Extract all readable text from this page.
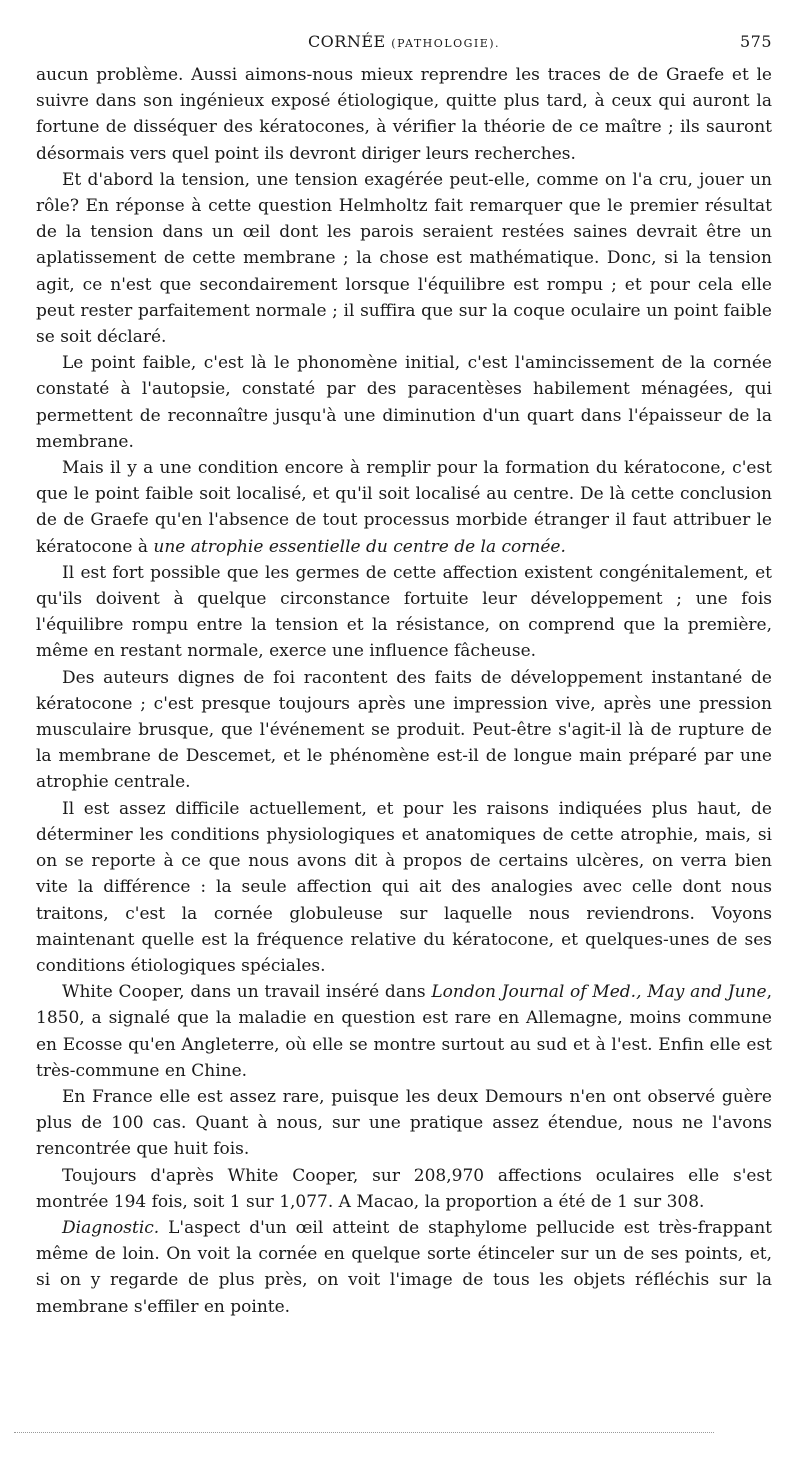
CORNÉE (PATHOLOGIE).	575

aucun problème. Aussi aimons-nous mieux reprendre les traces de de Graefe et le suivre dans son ingénieux exposé étiologique, quitte plus tard, à ceux qui auront la fortune de disséquer des kératocones, à vérifier la théorie de ce maître ; ils sauront désormais vers quel point ils devront diriger leurs recherches.

Et d'abord la tension, une tension exagérée peut-elle, comme on l'a cru, jouer un rôle? En réponse à cette question Helmholtz fait remarquer que le premier résultat de la tension dans un œil dont les parois seraient restées saines devrait être un aplatissement de cette membrane ; la chose est mathématique. Donc, si la tension agit, ce n'est que secondairement lorsque l'équilibre est rompu ; et pour cela elle peut rester parfaitement normale ; il suffira que sur la coque oculaire un point faible se soit déclaré.

Le point faible, c'est là le phonomène initial, c'est l'amincissement de la cornée constaté à l'autopsie, constaté par des paracentèses habilement ménagées, qui permettent de reconnaître jusqu'à une diminution d'un quart dans l'épaisseur de la membrane.

Mais il y a une condition encore à remplir pour la formation du kératocone, c'est que le point faible soit localisé, et qu'il soit localisé au centre. De là cette conclusion de de Graefe qu'en l'absence de tout processus morbide étranger il faut attribuer le kératocone à une atrophie essentielle du centre de la cornée.

Il est fort possible que les germes de cette affection existent congénitalement, et qu'ils doivent à quelque circonstance fortuite leur développement ; une fois l'équilibre rompu entre la tension et la résistance, on comprend que la première, même en restant normale, exerce une influence fâcheuse.

Des auteurs dignes de foi racontent des faits de développement instantané de kératocone ; c'est presque toujours après une impression vive, après une pression musculaire brusque, que l'événement se produit. Peut-être s'agit-il là de rupture de la membrane de Descemet, et le phénomène est-il de longue main préparé par une atrophie centrale.

Il est assez difficile actuellement, et pour les raisons indiquées plus haut, de déterminer les conditions physiologiques et anatomiques de cette atrophie, mais, si on se reporte à ce que nous avons dit à propos de certains ulcères, on verra bien vite la différence : la seule affection qui ait des analogies avec celle dont nous traitons, c'est la cornée globuleuse sur laquelle nous reviendrons. Voyons maintenant quelle est la fréquence relative du kératocone, et quelques-unes de ses conditions étiologiques spéciales.

White Cooper, dans un travail inséré dans London Journal of Med., May and June, 1850, a signalé que la maladie en question est rare en Allemagne, moins commune en Ecosse qu'en Angleterre, où elle se montre surtout au sud et à l'est. Enfin elle est très-commune en Chine.

En France elle est assez rare, puisque les deux Demours n'en ont observé guère plus de 100 cas. Quant à nous, sur une pratique assez étendue, nous ne l'avons rencontrée que huit fois.

Toujours d'après White Cooper, sur 208,970 affections oculaires elle s'est montrée 194 fois, soit 1 sur 1,077. A Macao, la proportion a été de 1 sur 308.

Diagnostic. L'aspect d'un œil atteint de staphylome pellucide est très-frappant même de loin. On voit la cornée en quelque sorte étinceler sur un de ses points, et, si on y regarde de plus près, on voit l'image de tous les objets réfléchis sur la membrane s'effiler en pointe.
